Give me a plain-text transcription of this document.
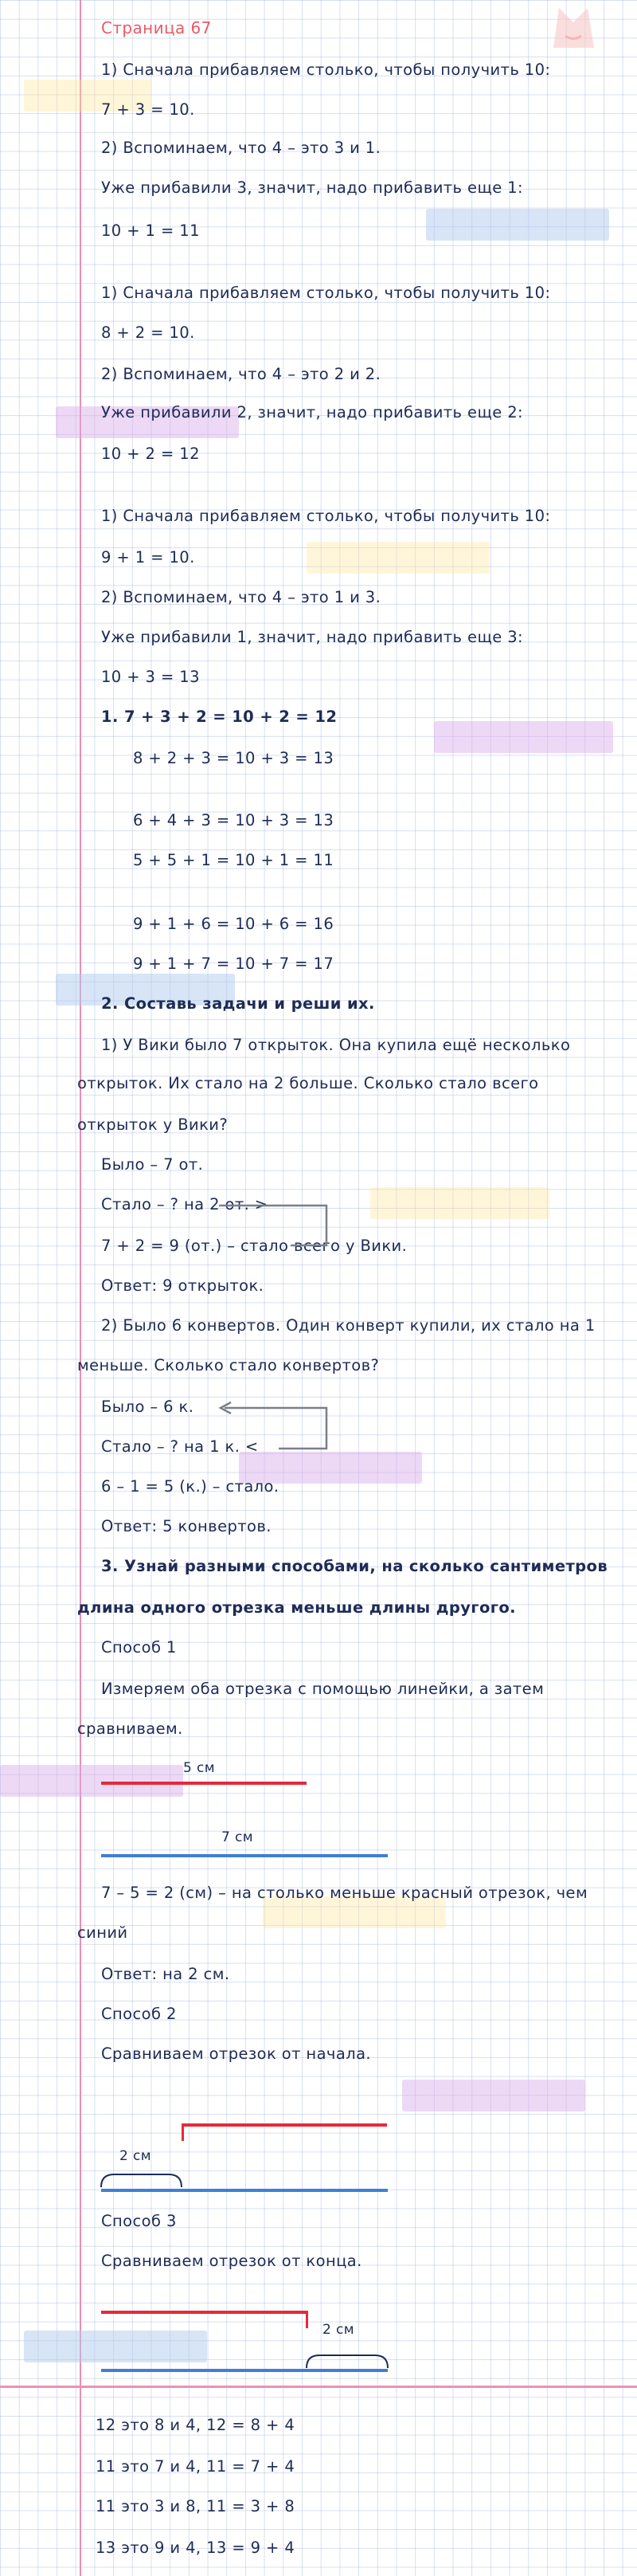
Страница 67
1) Сначала прибавляем столько, чтобы получить 10:
7 + 3 = 10.
2) Вспоминаем, что 4 – это 3 и 1.
Уже прибавили 3, значит, надо прибавить еще 1:
10 + 1 = 11
1) Сначала прибавляем столько, чтобы получить 10:
8 + 2 = 10.
2) Вспоминаем, что 4 – это 2 и 2.
Уже прибавили 2, значит, надо прибавить еще 2:
10 + 2 = 12
1) Сначала прибавляем столько, чтобы получить 10:
9 + 1 = 10.
2) Вспоминаем, что 4 – это 1 и 3.
Уже прибавили 1, значит, надо прибавить еще 3:
10 + 3 = 13
1. 7 + 3 + 2 = 10 + 2 = 12
8 + 2 + 3 = 10 + 3 = 13
6 + 4 + 3 = 10 + 3 = 13
5 + 5 + 1 = 10 + 1 = 11
9 + 1 + 6 = 10 + 6 = 16
9 + 1 + 7 = 10 + 7 = 17
2. Составь задачи и реши их.
1) У Вики было 7 открыток. Она купила ещё несколько
открыток. Их стало на 2 больше. Сколько стало всего
открыток у Вики?
Было – 7 от.
Стало – ? на 2 от. >
7 + 2 = 9 (от.) – стало всего у Вики.
Ответ: 9 открыток.
2) Было 6 конвертов. Один конверт купили, их стало на 1
меньше. Сколько стало конвертов?
Было – 6 к.
Стало – ? на 1 к. <
6 – 1 = 5 (к.) – стало.
Ответ: 5 конвертов.
3. Узнай разными способами, на сколько сантиметров
длина одного отрезка меньше длины другого.
Способ 1
Измеряем оба отрезка с помощью линейки, а затем
сравниваем.
5 см
7 см
7 – 5 = 2 (см) – на столько меньше красный отрезок, чем
синий
Ответ: на 2 см.
Способ 2
Сравниваем отрезок от начала.
2 см
Способ 3
Сравниваем отрезок от конца.
2 см
12 это 8 и 4, 12 = 8 + 4
11 это 7 и 4, 11 = 7 + 4
11 это 3 и 8, 11 = 3 + 8
13 это 9 и 4, 13 = 9 + 4
